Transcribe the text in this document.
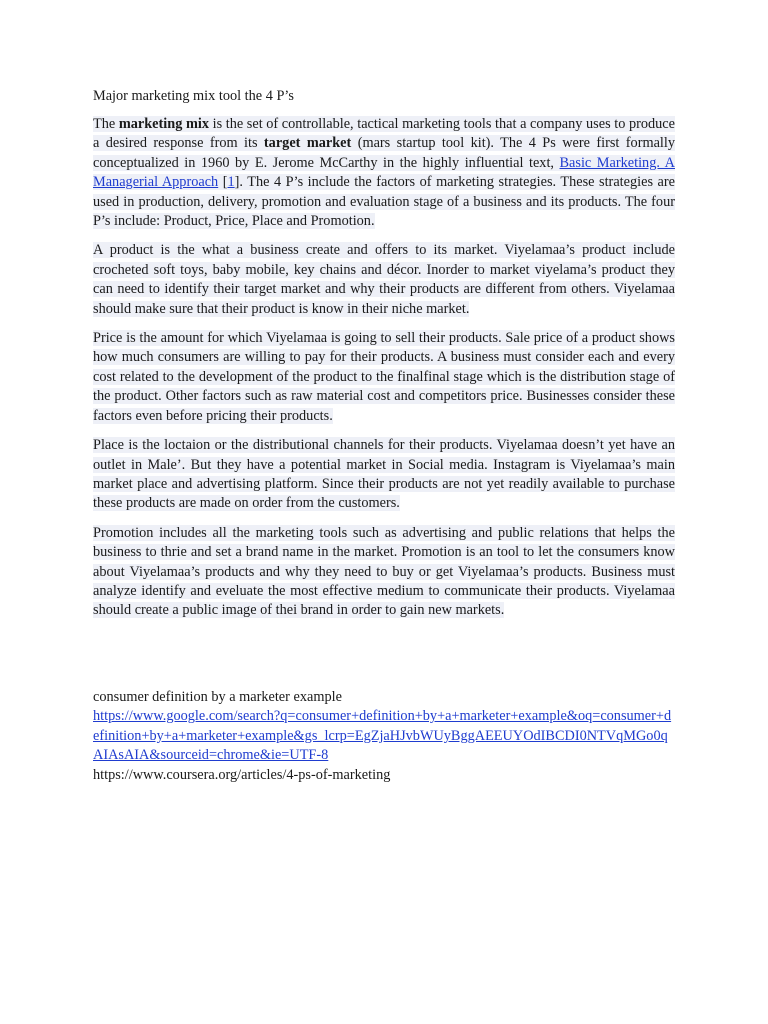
Major marketing mix tool the 4 P’s

The marketing mix is the set of controllable, tactical marketing tools that a company uses to produce a desired response from its target market (mars startup tool kit). The 4 Ps were first formally conceptualized in 1960 by E. Jerome McCarthy in the highly influential text, Basic Marketing. A Managerial Approach [1]. The 4 P’s include the factors of marketing strategies. These strategies are used in production, delivery, promotion and evaluation stage of a business and its products. The four P’s include: Product, Price, Place and Promotion.

A product is the what a business create and offers to its market. Viyelamaa’s product include crocheted soft toys, baby mobile, key chains and décor. Inorder to market viyelama’s product they can need to identify their target market and why their products are different from others. Viyelamaa should make sure that their product is know in their niche market.

Price is the amount for which Viyelamaa is going to sell their products. Sale price of a product shows how much consumers are willing to pay for their products. A business must consider each and every cost related to the development of the product to the finalfinal stage which is the distribution stage of the product. Other factors such as raw material cost and competitors price. Businesses consider these factors even before pricing their products.

Place is the loctaion or the distributional channels for their products. Viyelamaa doesn’t yet have an outlet in Male’. But they have a potential market in Social media. Instagram is Viyelamaa’s main market place and advertising platform. Since their products are not yet readily available to purchase these products are made on order from the customers.

Promotion includes all the marketing tools such as advertising and public relations that helps the business to thrie and set a brand name in the market. Promotion is an tool to let the consumers know about Viyelamaa’s products and why they need to buy or get Viyelamaa’s products. Business must analyze identify and eveluate the most effective medium to communicate their products. Viyelamaa should create a public image of thei brand in order to gain new markets.

consumer definition by a marketer example
https://www.google.com/search?q=consumer+definition+by+a+marketer+example&oq=consumer+definition+by+a+marketer+example&gs_lcrp=EgZjaHJvbWUyBggAEEUYOdIBCDI0NTVqMGo0qAIAsAIA&sourceid=chrome&ie=UTF-8
https://www.coursera.org/articles/4-ps-of-marketing
